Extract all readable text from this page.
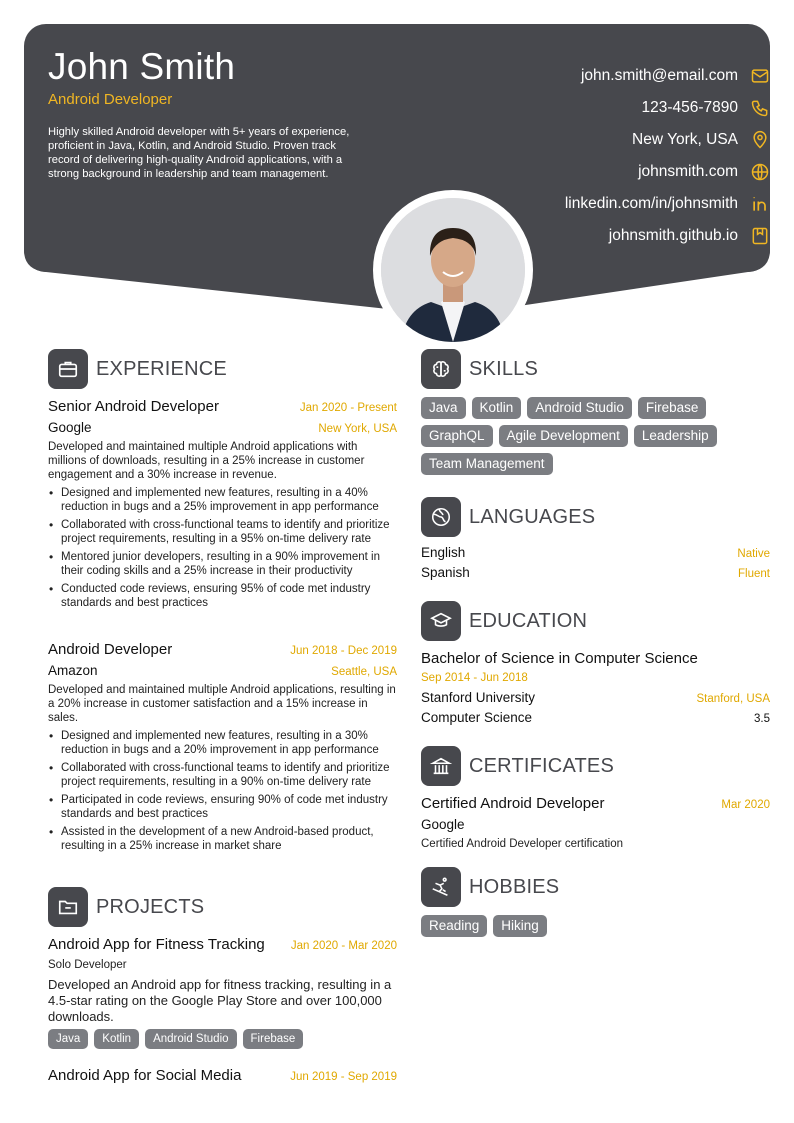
John Smith
Android Developer
Highly skilled Android developer with 5+ years of experience, proficient in Java, Kotlin, and Android Studio. Proven track record of delivering high-quality Android applications, with a strong background in leadership and team management.
john.smith@email.com
123-456-7890
New York, USA
johnsmith.com
linkedin.com/in/johnsmith
johnsmith.github.io
EXPERIENCE
Senior Android Developer	Jan 2020 - Present
Google	New York, USA
Developed and maintained multiple Android applications with millions of downloads, resulting in a 25% increase in customer engagement and a 30% increase in revenue.
• Designed and implemented new features, resulting in a 40% reduction in bugs and a 25% improvement in app performance
• Collaborated with cross-functional teams to identify and prioritize project requirements, resulting in a 95% on-time delivery rate
• Mentored junior developers, resulting in a 90% improvement in their coding skills and a 25% increase in their productivity
• Conducted code reviews, ensuring 95% of code met industry standards and best practices
Android Developer	Jun 2018 - Dec 2019
Amazon	Seattle, USA
Developed and maintained multiple Android applications, resulting in a 20% increase in customer satisfaction and a 15% increase in sales.
• Designed and implemented new features, resulting in a 30% reduction in bugs and a 20% improvement in app performance
• Collaborated with cross-functional teams to identify and prioritize project requirements, resulting in a 90% on-time delivery rate
• Participated in code reviews, ensuring 90% of code met industry standards and best practices
• Assisted in the development of a new Android-based product, resulting in a 25% increase in market share
PROJECTS
Android App for Fitness Tracking Jan 2020 - Mar 2020
Solo Developer
Developed an Android app for fitness tracking, resulting in a 4.5-star rating on the Google Play Store and over 100,000 downloads.
Java	Kotlin	Android Studio	Firebase
Android App for Social Media	Jun 2019 - Sep 2019
SKILLS
Java	Kotlin	Android Studio	Firebase
GraphQL	Agile Development	Leadership
Team Management
LANGUAGES
English	Native
Spanish	Fluent
EDUCATION
Bachelor of Science in Computer Science
Sep 2014 - Jun 2018
Stanford University	Stanford, USA
Computer Science	3.5
CERTIFICATES
Certified Android Developer	Mar 2020
Google
Certified Android Developer certification
HOBBIES
Reading	Hiking
